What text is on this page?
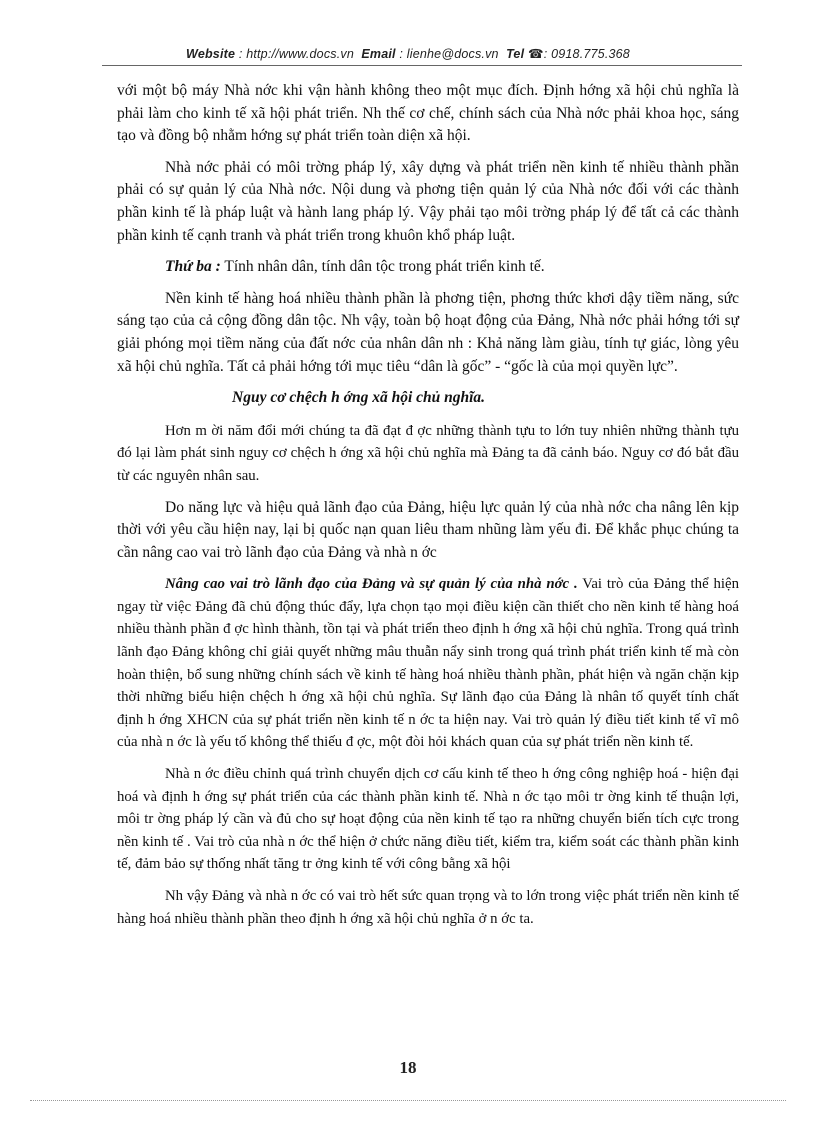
Website : http://www.docs.vn Email : lienhe@docs.vn Tel ☎: 0918.775.368

với một bộ máy Nhà nớc khi vận hành không theo một mục đích. Định hớng xã hội chủ nghĩa là phải làm cho kinh tế xã hội phát triển. Nh thế cơ chế, chính sách của Nhà nớc phải khoa học, sáng tạo và đồng bộ nhằm hớng sự phát triển toàn diện xã hội.

Nhà nớc phải có môi trờng pháp lý, xây dựng và phát triển nền kinh tế nhiều thành phần phải có sự quản lý của Nhà nớc. Nội dung và phơng tiện quản lý của Nhà nớc đối với các thành phần kinh tế là pháp luật và hành lang pháp lý. Vậy phải tạo môi trờng pháp lý để tất cả các thành phần kinh tế cạnh tranh và phát triển trong khuôn khổ pháp luật.

Thứ ba : Tính nhân dân, tính dân tộc trong phát triển kinh tế.

Nền kinh tế hàng hoá nhiều thành phần là phơng tiện, phơng thức khơi dậy tiềm năng, sức sáng tạo của cả cộng đồng dân tộc. Nh vậy, toàn bộ hoạt động của Đảng, Nhà nớc phải hớng tới sự giải phóng mọi tiềm năng của đất nớc của nhân dân nh : Khả năng làm giàu, tính tự giác, lòng yêu xã hội chủ nghĩa. Tất cả phải hớng tới mục tiêu “dân là gốc” - “gốc là của mọi quyền lực”.

Nguy cơ chệch h ớng xã hội chủ nghĩa.

Hơn m ời năm đổi mới chúng ta đã đạt đ ợc những thành tựu to lớn tuy nhiên những thành tựu đó lại làm phát sinh nguy cơ chệch h ớng xã hội chủ nghĩa mà Đảng ta đã cảnh báo. Nguy cơ đó bắt đầu từ các nguyên nhân sau.

Do năng lực và hiệu quả lãnh đạo của Đảng, hiệu lực quản lý của nhà nớc cha nâng lên kịp thời với yêu cầu hiện nay, lại bị quốc nạn quan liêu tham nhũng làm yếu đi. Để khắc phục chúng ta cần nâng cao vai trò lãnh đạo của Đảng và nhà n ớc

Nâng cao vai trò lãnh đạo của Đảng và sự quản lý của nhà nớc . Vai trò của Đảng thể hiện ngay từ việc Đảng đã chủ động thúc đẩy, lựa chọn tạo mọi điều kiện cần thiết cho nền kinh tế hàng hoá nhiều thành phần đ ợc hình thành, tồn tại và phát triển theo định h ớng xã hội chủ nghĩa. Trong quá trình lãnh đạo Đảng không chỉ giải quyết những mâu thuẫn nẩy sinh trong quá trình phát triển kinh tế mà còn hoàn thiện, bổ sung những chính sách về kinh tế hàng hoá nhiều thành phần, phát hiện và ngăn chặn kịp thời những biểu hiện chệch h ớng xã hội chủ nghĩa. Sự lãnh đạo của Đảng là nhân tố quyết tính chất định h ớng XHCN của sự phát triển nền kinh tế n ớc ta hiện nay. Vai trò quản lý điều tiết kinh tế vĩ mô của nhà n ớc là yếu tố không thể thiếu đ ợc, một đòi hỏi khách quan của sự phát triển nền kinh tế.

Nhà n ớc điều chỉnh quá trình chuyển dịch cơ cấu kinh tế theo h ớng công nghiệp hoá - hiện đại hoá và định h ớng sự phát triển của các thành phần kinh tế. Nhà n ớc tạo môi tr ờng kinh tế thuận lợi, môi tr ờng pháp lý cần và đủ cho sự hoạt động của nền kinh tế tạo ra những chuyển biến tích cực trong nền kinh tế . Vai trò của nhà n ớc thể hiện ở chức năng điều tiết, kiểm tra, kiểm soát các thành phần kinh tế, đảm bảo sự thống nhất tăng tr ởng kinh tế với công bằng xã hội

Nh vậy Đảng và nhà n ớc có vai trò hết sức quan trọng và to lớn trong việc phát triển nền kinh tế hàng hoá nhiều thành phần theo định h ớng xã hội chủ nghĩa ở n ớc ta.

18
